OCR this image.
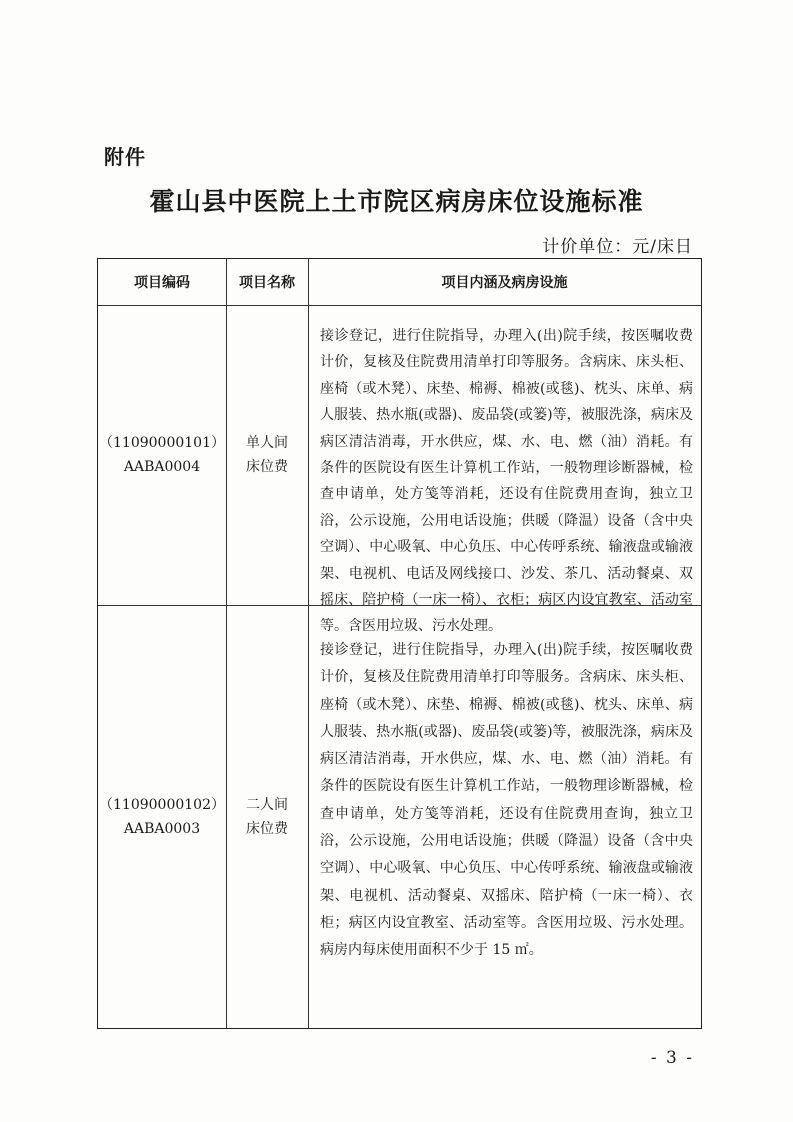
附件
霍山县中医院上土市院区病房床位设施标准
计价单位：元/床日
项目编码	项目名称	项目内涵及病房设施
（11090000101）
AABA0004
单人间床位费
接诊登记，进行住院指导，办理入(出)院手续，按医嘱收费计价，复核及住院费用清单打印等服务。含病床、床头柜、座椅（或木凳）、床垫、棉褥、棉被(或毯)、枕头、床单、病人服装、热水瓶(或器)、废品袋(或篓)等，被服洗涤，病床及病区清洁消毒，开水供应，煤、水、电、燃（油）消耗。有条件的医院设有医生计算机工作站，一般物理诊断器械，检查申请单，处方笺等消耗，还设有住院费用查询，独立卫浴，公示设施，公用电话设施；供暖（降温）设备（含中央空调）、中心吸氧、中心负压、中心传呼系统、输液盘或输液架、电视机、电话及网线接口、沙发、茶几、活动餐桌、双摇床、陪护椅（一床一椅）、衣柜；病区内设宜教室、活动室等。含医用垃圾、污水处理。
（11090000102）
AABA0003
二人间床位费
接诊登记，进行住院指导，办理入(出)院手续，按医嘱收费计价，复核及住院费用清单打印等服务。含病床、床头柜、座椅（或木凳）、床垫、棉褥、棉被(或毯)、枕头、床单、病人服装、热水瓶(或器)、废品袋(或篓)等，被服洗涤，病床及病区清洁消毒，开水供应，煤、水、电、燃（油）消耗。有条件的医院设有医生计算机工作站，一般物理诊断器械，检查申请单，处方笺等消耗，还设有住院费用查询，独立卫浴，公示设施，公用电话设施；供暖（降温）设备（含中央空调）、中心吸氧、中心负压、中心传呼系统、输液盘或输液架、电视机、活动餐桌、双摇床、陪护椅（一床一椅）、衣柜；病区内设宜教室、活动室等。含医用垃圾、污水处理。病房内每床使用面积不少于 15 ㎡。
- 3 -
